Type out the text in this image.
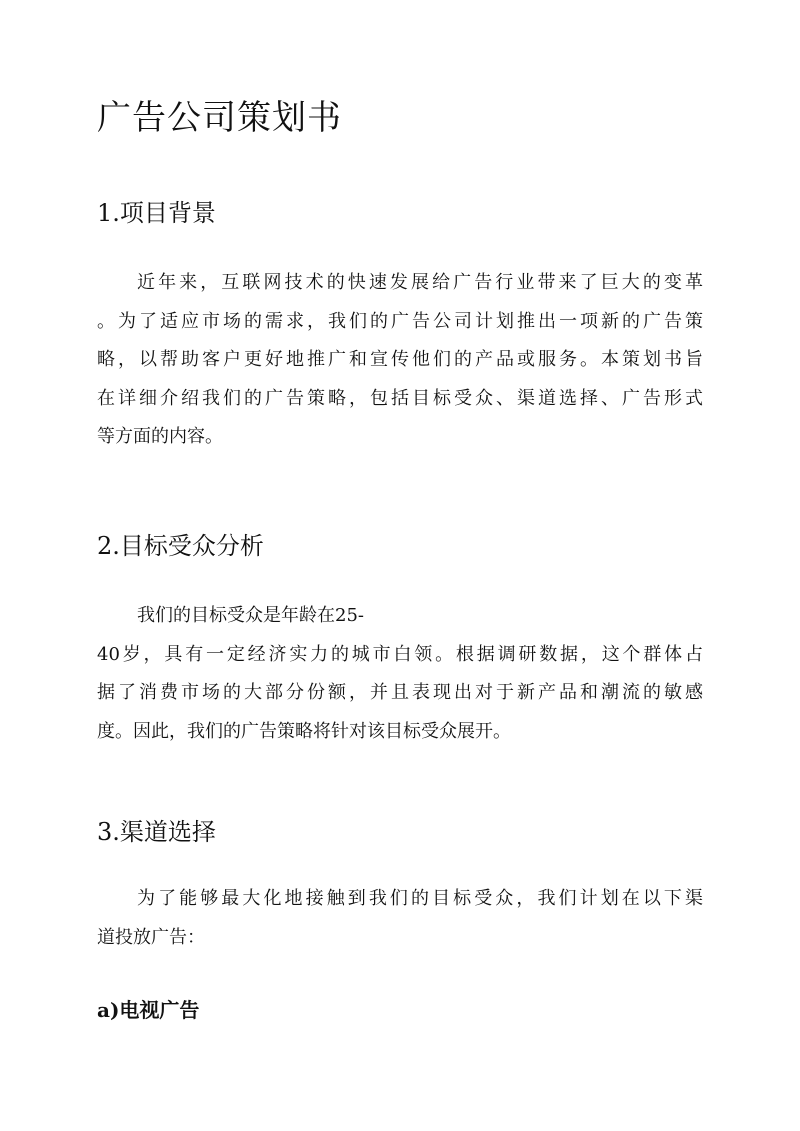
广告公司策划书
1.项目背景
近年来，互联网技术的快速发展给广告行业带来了巨大的变革
。为了适应市场的需求，我们的广告公司计划推出一项新的广告策
略，以帮助客户更好地推广和宣传他们的产品或服务。本策划书旨
在详细介绍我们的广告策略，包括目标受众、渠道选择、广告形式
等方面的内容。
2.目标受众分析
我们的目标受众是年龄在25-
40岁，具有一定经济实力的城市白领。根据调研数据，这个群体占
据了消费市场的大部分份额，并且表现出对于新产品和潮流的敏感
度。因此，我们的广告策略将针对该目标受众展开。
3.渠道选择
为了能够最大化地接触到我们的目标受众，我们计划在以下渠
道投放广告：
a)电视广告
